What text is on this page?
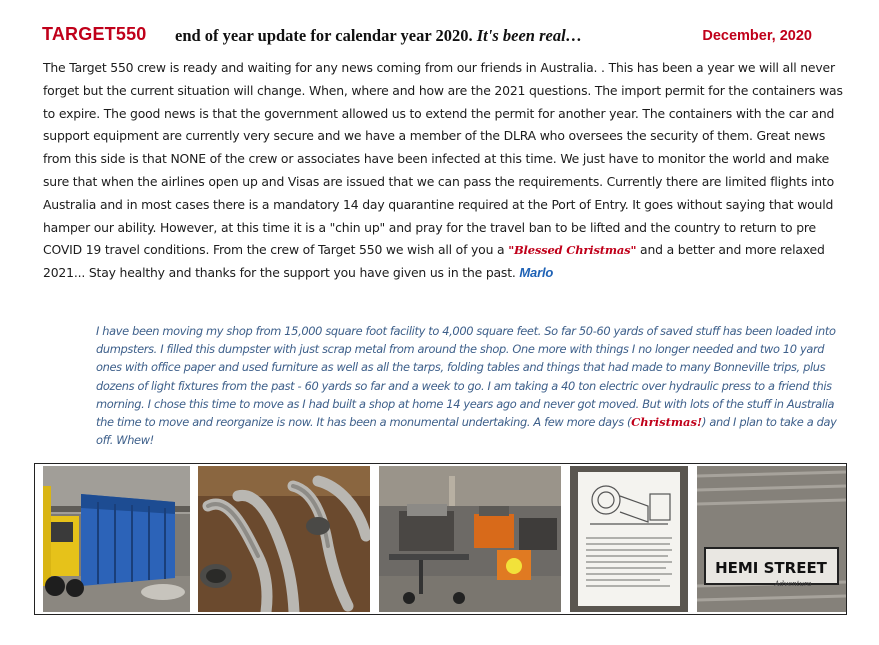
TARGET550 end of year update for calendar year 2020. It's been real…	December, 2020

The Target 550 crew is ready and waiting for any news coming from our friends in Australia. . This has been a year we will all never forget but the current situation will change. When, where and how are the 2021 questions. The import permit for the containers was to expire. The good news is that the government allowed us to extend the permit for another year. The containers with the car and support equipment are currently very secure and we have a member of the DLRA who oversees the security of them. Great news from this side is that NONE of the crew or associates have been infected at this time. We just have to monitor the world and make sure that when the airlines open up and Visas are issued that we can pass the requirements. Currently there are limited flights into Australia and in most cases there is a mandatory 14 day quarantine required at the Port of Entry. It goes without saying that would hamper our ability. However, at this time it is a "chin up" and pray for the travel ban to be lifted and the country to return to pre COVID 19 travel conditions. From the crew of Target 550 we wish all of you a "Blessed Christmas" and a better and more relaxed 2021... Stay healthy and thanks for the support you have given us in the past. Marlo

I have been moving my shop from 15,000 square foot facility to 4,000 square feet. So far 50-60 yards of saved stuff has been loaded into dumpsters. I filled this dumpster with just scrap metal from around the shop. One more with things I no longer needed and two 10 yard ones with office paper and used furniture as well as all the tarps, folding tables and things that had made to many Bonneville trips, plus dozens of light fixtures from the past - 60 yards so far and a week to go. I am taking a 40 ton electric over hydraulic press to a friend this morning. I chose this time to move as I had built a shop at home 14 years ago and never got moved. But with lots of the stuff in Australia the time to move and reorganize is now. It has been a monumental undertaking. A few more days (Christmas!) and I plan to take a day off. Whew!

HEMI STREET
Adventura
